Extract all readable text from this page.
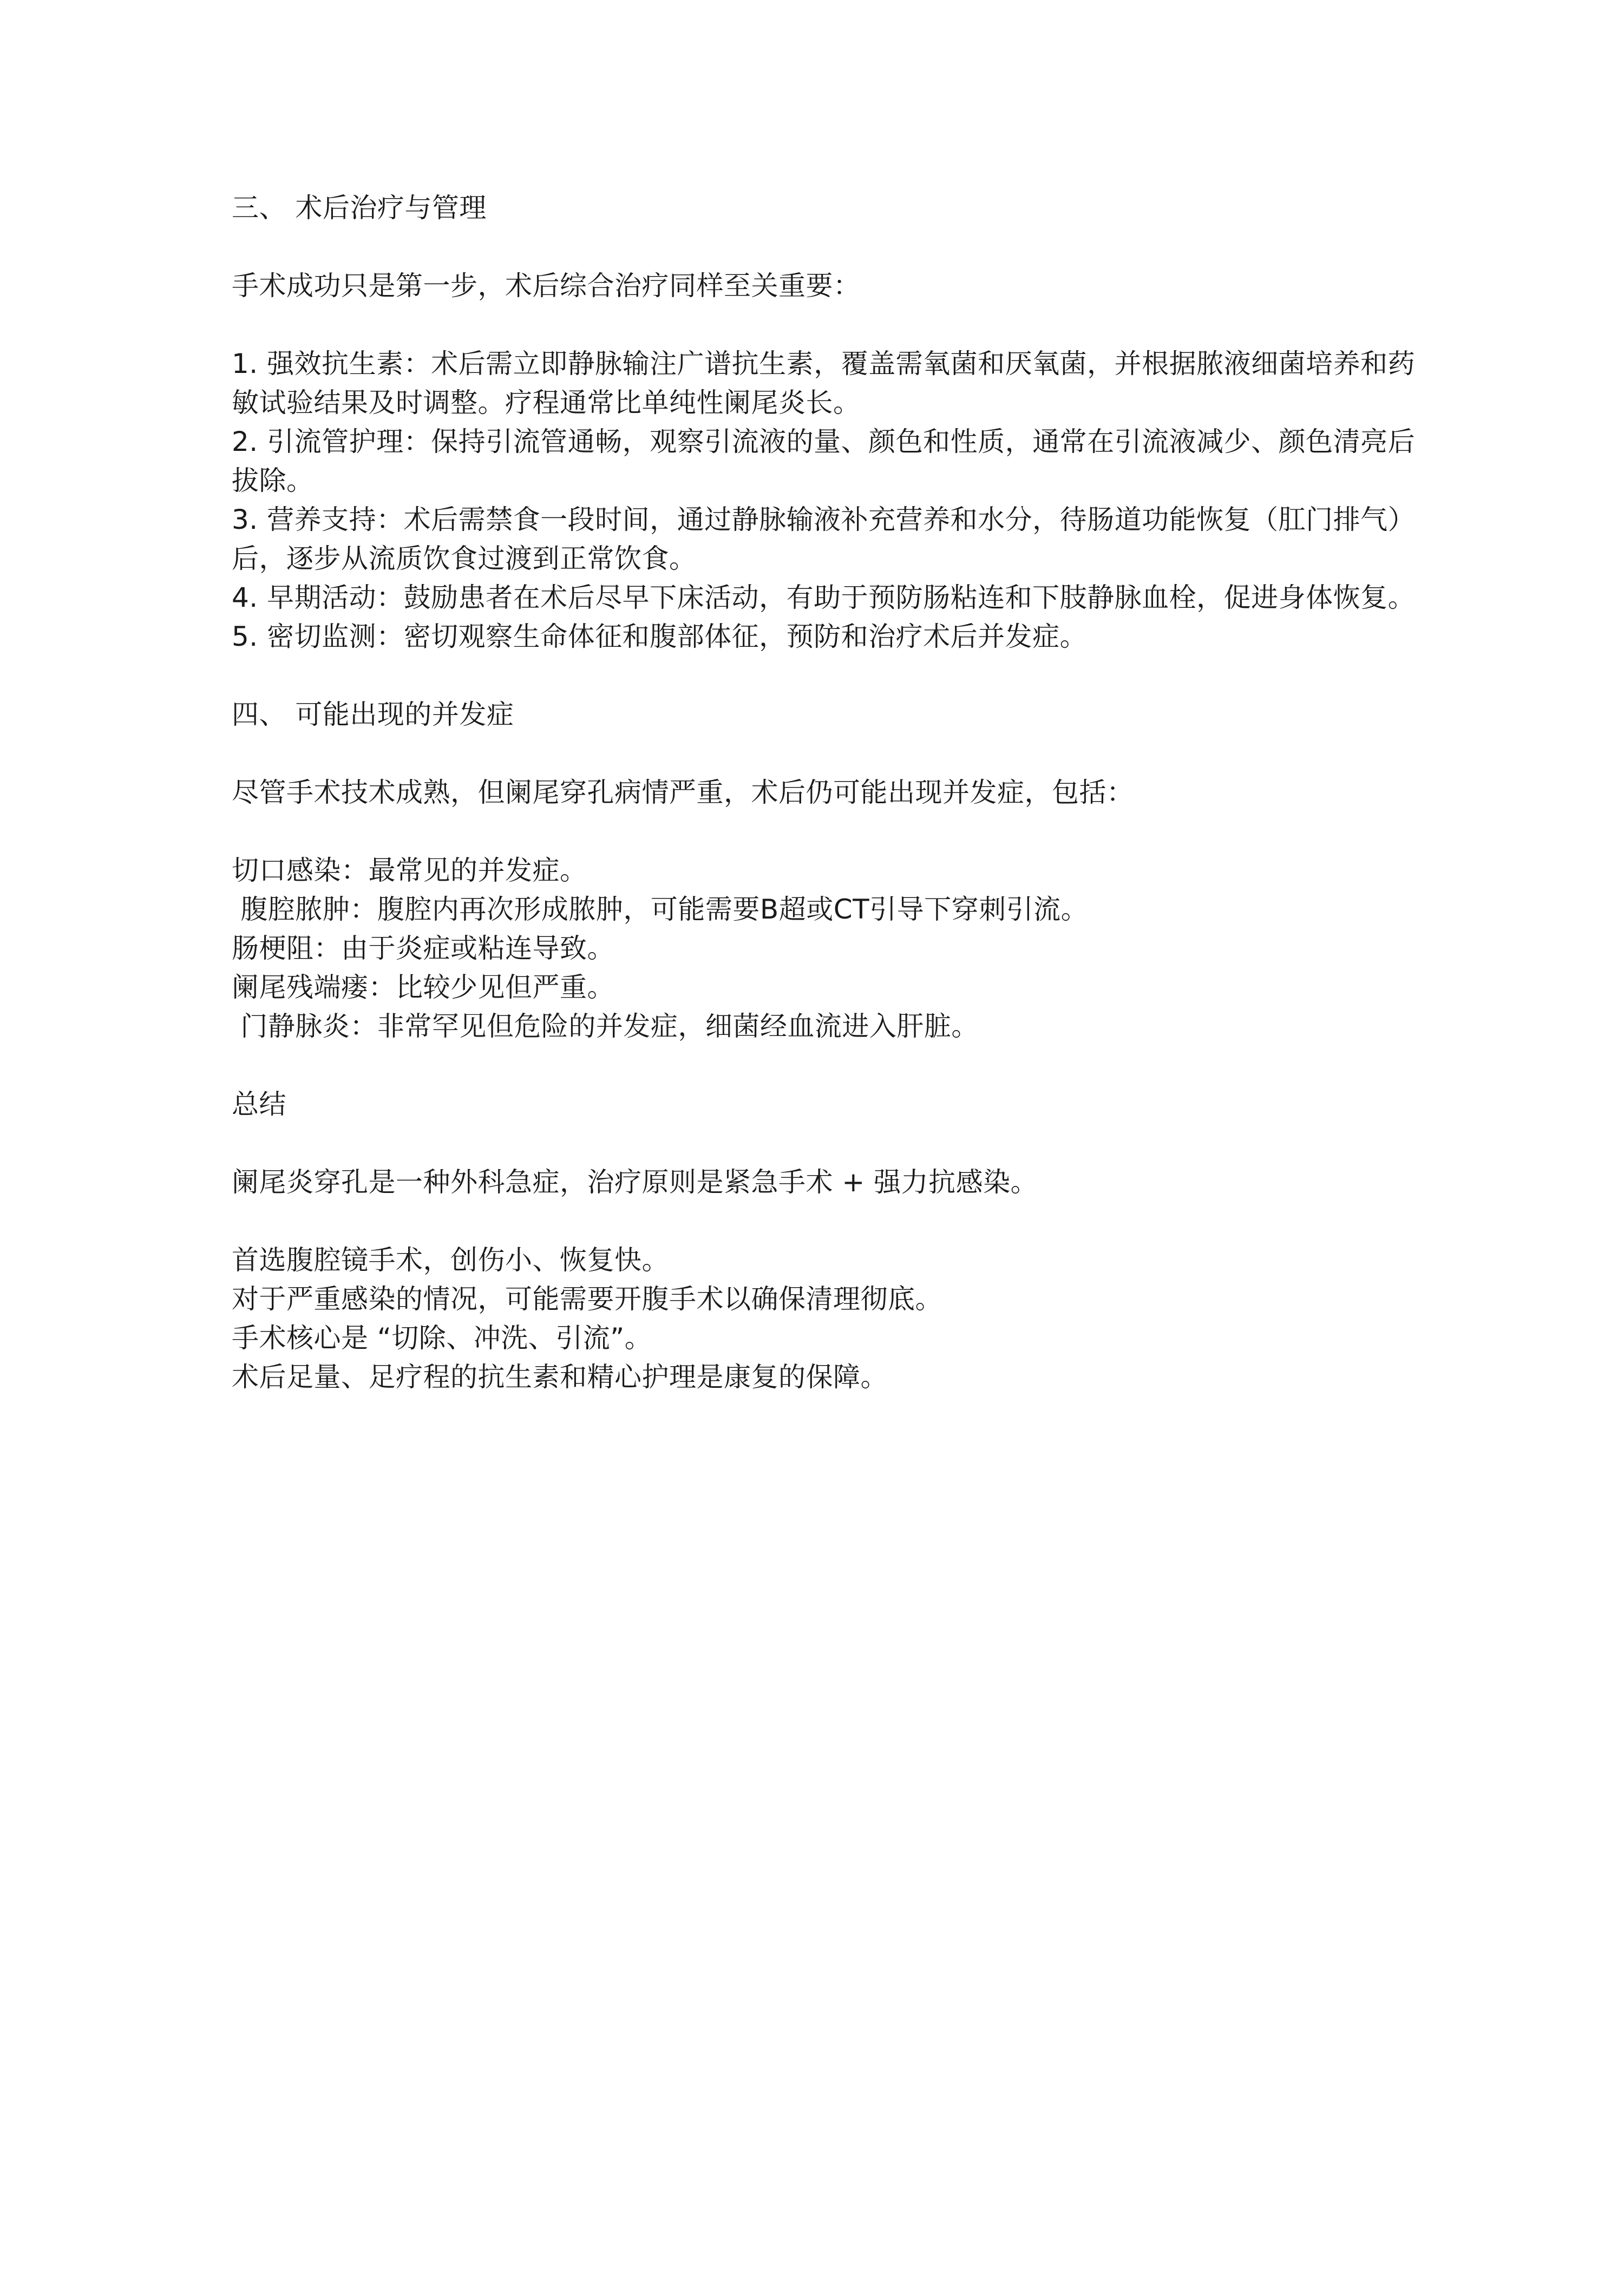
三、 术后治疗与管理

手术成功只是第一步，术后综合治疗同样至关重要：

1. 强效抗生素：术后需立即静脉输注广谱抗生素，覆盖需氧菌和厌氧菌，并根据脓液细菌培养和药敏试验结果及时调整。疗程通常比单纯性阑尾炎长。

2. 引流管护理：保持引流管通畅，观察引流液的量、颜色和性质，通常在引流液减少、颜色清亮后拔除。

3. 营养支持：术后需禁食一段时间，通过静脉输液补充营养和水分，待肠道功能恢复（肛门排气）后，逐步从流质饮食过渡到正常饮食。

4. 早期活动：鼓励患者在术后尽早下床活动，有助于预防肠粘连和下肢静脉血栓，促进身体恢复。

5. 密切监测：密切观察生命体征和腹部体征，预防和治疗术后并发症。

四、 可能出现的并发症

尽管手术技术成熟，但阑尾穿孔病情严重，术后仍可能出现并发症，包括：

切口感染：最常见的并发症。

腹腔脓肿：腹腔内再次形成脓肿，可能需要B超或CT引导下穿刺引流。

肠梗阻：由于炎症或粘连导致。

阑尾残端瘘：比较少见但严重。

门静脉炎：非常罕见但危险的并发症，细菌经血流进入肝脏。

总结

阑尾炎穿孔是一种外科急症，治疗原则是紧急手术 + 强力抗感染。

首选腹腔镜手术，创伤小、恢复快。

对于严重感染的情况，可能需要开腹手术以确保清理彻底。

手术核心是 “切除、冲洗、引流”。

术后足量、足疗程的抗生素和精心护理是康复的保障。
